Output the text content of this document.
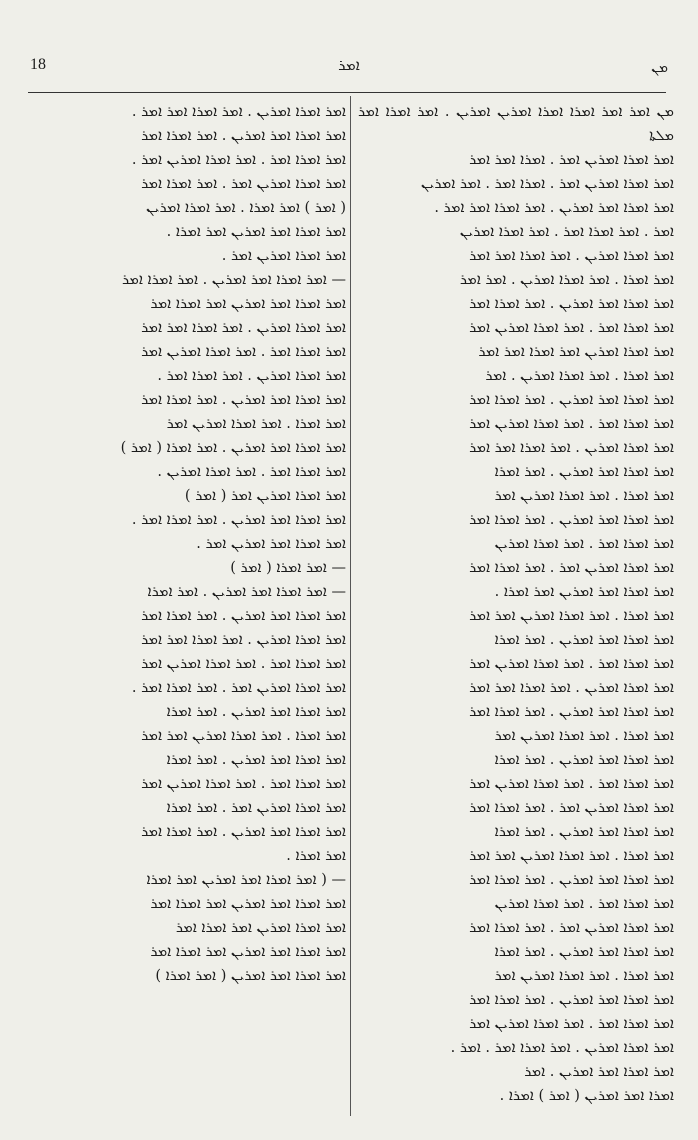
18	ܐܡܪ	ܡܢ

ܡܢ ܐܡܪ ܐܡܪ ܐܡܪܐ ܐܡܪܐ ܐܡܪܝܢ ܐܡܪܝܢ . ܐܡܪ ܐܡܪܐ ܐܡܪ ܡܠܬܐ

ܐܡܪ ܐܡܪܐ ܐܡܪܝܢ ܐܡܪ . ܐܡܪܐ ܐܡܪ ܐܡܪ

ܐܡܪ ܐܡܪܐ ܐܡܪܝܢ ܐܡܪ . ܐܡܪܐ ܐܡܪ . ܐܡܪ ܐܡܪܝܢ

ܐܡܪ ܐܡܪܐ ܐܡܪ ܐܡܪܝܢ . ܐܡܪ ܐܡܪܐ ܐܡܪ ܐܡܪ .

ܐܡܪ . ܐܡܪ ܐܡܪܐ ܐܡܪ . ܐܡܪ ܐܡܪܐ ܐܡܪܝܢ

ܐܡܪ ܐܡܪܐ ܐܡܪܝܢ . ܐܡܪ ܐܡܪܐ ܐܡܪ ܐܡܪ

ܐܡܪ ܐܡܪܐ . ܐܡܪ ܐܡܪܐ ܐܡܪܝܢ . ܐܡܪ ܐܡܪ

ܐܡܪ ܐܡܪܐ ܐܡܪ ܐܡܪܝܢ . ܐܡܪ ܐܡܪܐ ܐܡܪ

ܐܡܪ ܐܡܪܐ ܐܡܪ . ܐܡܪ ܐܡܪܐ ܐܡܪܝܢ ܐܡܪ

ܐܡܪ ܐܡܪܐ ܐܡܪܝܢ ܐܡܪ ܐܡܪܐ ܐܡܪ ܐܡܪ

ܐܡܪ ܐܡܪܐ . ܐܡܪ ܐܡܪܐ ܐܡܪܝܢ . ܐܡܪ

ܐܡܪ ܐܡܪܐ ܐܡܪ ܐܡܪܝܢ . ܐܡܪ ܐܡܪܐ ܐܡܪ

ܐܡܪ ܐܡܪܐ ܐܡܪ . ܐܡܪ ܐܡܪܐ ܐܡܪܝܢ ܐܡܪ

ܐܡܪ ܐܡܪܐ ܐܡܪܝܢ . ܐܡܪ ܐܡܪܐ ܐܡܪ ܐܡܪ

ܐܡܪ ܐܡܪܐ ܐܡܪ ܐܡܪܝܢ . ܐܡܪ ܐܡܪܐ

ܐܡܪ ܐܡܪܐ . ܐܡܪ ܐܡܪܐ ܐܡܪܝܢ ܐܡܪ

ܐܡܪ ܐܡܪܐ ܐܡܪ ܐܡܪܝܢ . ܐܡܪ ܐܡܪܐ ܐܡܪ

ܐܡܪ ܐܡܪܐ ܐܡܪ . ܐܡܪ ܐܡܪܐ ܐܡܪܝܢ

ܐܡܪ ܐܡܪܐ ܐܡܪܝܢ ܐܡܪ . ܐܡܪ ܐܡܪܐ ܐܡܪ

ܐܡܪ ܐܡܪܐ ܐܡܪ ܐܡܪܝܢ ܐܡܪ ܐܡܪܐ .

ܐܡܪ ܐܡܪܐ . ܐܡܪ ܐܡܪܐ ܐܡܪܝܢ ܐܡܪ ܐܡܪ

ܐܡܪ ܐܡܪܐ ܐܡܪ ܐܡܪܝܢ . ܐܡܪ ܐܡܪܐ

ܐܡܪ ܐܡܪܐ ܐܡܪ . ܐܡܪ ܐܡܪܐ ܐܡܪܝܢ ܐܡܪ

ܐܡܪ ܐܡܪܐ ܐܡܪܝܢ . ܐܡܪ ܐܡܪܐ ܐܡܪ ܐܡܪ

ܐܡܪ ܐܡܪܐ ܐܡܪ ܐܡܪܝܢ . ܐܡܪ ܐܡܪܐ ܐܡܪ

ܐܡܪ ܐܡܪܐ . ܐܡܪ ܐܡܪܐ ܐܡܪܝܢ ܐܡܪ

ܐܡܪ ܐܡܪܐ ܐܡܪ ܐܡܪܝܢ . ܐܡܪ ܐܡܪܐ

ܐܡܪ ܐܡܪܐ ܐܡܪ . ܐܡܪ ܐܡܪܐ ܐܡܪܝܢ ܐܡܪ

ܐܡܪ ܐܡܪܐ ܐܡܪܝܢ ܐܡܪ . ܐܡܪ ܐܡܪܐ ܐܡܪ

ܐܡܪ ܐܡܪܐ ܐܡܪ ܐܡܪܝܢ . ܐܡܪ ܐܡܪܐ

ܐܡܪ ܐܡܪܐ . ܐܡܪ ܐܡܪܐ ܐܡܪܝܢ ܐܡܪ ܐܡܪ

ܐܡܪ ܐܡܪܐ ܐܡܪ ܐܡܪܝܢ . ܐܡܪ ܐܡܪܐ ܐܡܪ

ܐܡܪ ܐܡܪܐ ܐܡܪ . ܐܡܪ ܐܡܪܐ ܐܡܪܝܢ

ܐܡܪ ܐܡܪܐ ܐܡܪܝܢ ܐܡܪ . ܐܡܪ ܐܡܪܐ ܐܡܪ

ܐܡܪ ܐܡܪܐ ܐܡܪ ܐܡܪܝܢ . ܐܡܪ ܐܡܪܐ

ܐܡܪ ܐܡܪܐ . ܐܡܪ ܐܡܪܐ ܐܡܪܝܢ ܐܡܪ

ܐܡܪ ܐܡܪܐ ܐܡܪ ܐܡܪܝܢ . ܐܡܪ ܐܡܪܐ ܐܡܪ

ܐܡܪ ܐܡܪܐ ܐܡܪ . ܐܡܪ ܐܡܪܐ ܐܡܪܝܢ ܐܡܪ

ܐܡܪ ܐܡܪܐ ܐܡܪܝܢ . ܐܡܪ ܐܡܪܐ ܐܡܪ . ܐܡܪ .

ܐܡܪ ܐܡܪܐ ܐܡܪ ܐܡܪܝܢ . ܐܡܪ

ܐܡܪܐ ܐܡܪ ܐܡܪܝܢ ( ܐܡܪ ) ܐܡܪܐ .

ܐܡܪ ܐܡܪܐ ܐܡܪܝܢ . ܐܡܪ ܐܡܪܐ ܐܡܪ ܐܡܪ .

ܐܡܪ ܐܡܪܐ ܐܡܪ ܐܡܪܝܢ . ܐܡܪ ܐܡܪܐ ܐܡܪ

ܐܡܪ ܐܡܪܐ ܐܡܪ . ܐܡܪ ܐܡܪܐ ܐܡܪܝܢ ܐܡܪ .

ܐܡܪ ܐܡܪܐ ܐܡܪܝܢ ܐܡܪ . ܐܡܪ ܐܡܪܐ ܐܡܪ

( ܐܡܪ ) ܐܡܪ ܐܡܪܐ . ܐܡܪ ܐܡܪܐ ܐܡܪܝܢ

ܐܡܪ ܐܡܪܐ ܐܡܪ ܐܡܪܝܢ ܐܡܪ ܐܡܪܐ .

ܐܡܪ ܐܡܪܐ ܐܡܪܝܢ ܐܡܪ .

— ܐܡܪ ܐܡܪܐ ܐܡܪ ܐܡܪܝܢ . ܐܡܪ ܐܡܪܐ ܐܡܪ

ܐܡܪ ܐܡܪܐ ܐܡܪ ܐܡܪܝܢ ܐܡܪ ܐܡܪܐ ܐܡܪ

ܐܡܪ ܐܡܪܐ ܐܡܪܝܢ . ܐܡܪ ܐܡܪܐ ܐܡܪ ܐܡܪ

ܐܡܪ ܐܡܪܐ ܐܡܪ . ܐܡܪ ܐܡܪܐ ܐܡܪܝܢ ܐܡܪ

ܐܡܪ ܐܡܪܐ ܐܡܪܝܢ . ܐܡܪ ܐܡܪܐ ܐܡܪ .

ܐܡܪ ܐܡܪܐ ܐܡܪ ܐܡܪܝܢ . ܐܡܪ ܐܡܪܐ ܐܡܪ

ܐܡܪ ܐܡܪܐ . ܐܡܪ ܐܡܪܐ ܐܡܪܝܢ ܐܡܪ

ܐܡܪ ܐܡܪܐ ܐܡܪ ܐܡܪܝܢ . ܐܡܪ ܐܡܪܐ ( ܐܡܪ )

ܐܡܪ ܐܡܪܐ ܐܡܪ . ܐܡܪ ܐܡܪܐ ܐܡܪܝܢ .

ܐܡܪ ܐܡܪܐ ܐܡܪܝܢ ܐܡܪ ( ܐܡܪ )

ܐܡܪ ܐܡܪܐ ܐܡܪ ܐܡܪܝܢ . ܐܡܪ ܐܡܪܐ ܐܡܪ .

ܐܡܪ ܐܡܪܐ ܐܡܪ ܐܡܪܝܢ ܐܡܪ .

— ܐܡܪ ܐܡܪܐ ( ܐܡܪ )

— ܐܡܪ ܐܡܪܐ ܐܡܪ ܐܡܪܝܢ . ܐܡܪ ܐܡܪܐ

ܐܡܪ ܐܡܪܐ ܐܡܪ ܐܡܪܝܢ . ܐܡܪ ܐܡܪܐ ܐܡܪ

ܐܡܪ ܐܡܪܐ ܐܡܪܝܢ . ܐܡܪ ܐܡܪܐ ܐܡܪ ܐܡܪ

ܐܡܪ ܐܡܪܐ ܐܡܪ . ܐܡܪ ܐܡܪܐ ܐܡܪܝܢ ܐܡܪ

ܐܡܪ ܐܡܪܐ ܐܡܪܝܢ ܐܡܪ . ܐܡܪ ܐܡܪܐ ܐܡܪ .

ܐܡܪ ܐܡܪܐ ܐܡܪ ܐܡܪܝܢ . ܐܡܪ ܐܡܪܐ

ܐܡܪ ܐܡܪܐ . ܐܡܪ ܐܡܪܐ ܐܡܪܝܢ ܐܡܪ ܐܡܪ

ܐܡܪ ܐܡܪܐ ܐܡܪ ܐܡܪܝܢ . ܐܡܪ ܐܡܪܐ

ܐܡܪ ܐܡܪܐ ܐܡܪ . ܐܡܪ ܐܡܪܐ ܐܡܪܝܢ ܐܡܪ

ܐܡܪ ܐܡܪܐ ܐܡܪܝܢ ܐܡܪ . ܐܡܪ ܐܡܪܐ

ܐܡܪ ܐܡܪܐ ܐܡܪ ܐܡܪܝܢ . ܐܡܪ ܐܡܪܐ ܐܡܪ

ܐܡܪ ܐܡܪܐ .

— ( ܐܡܪ ܐܡܪܐ ܐܡܪ ܐܡܪܝܢ ܐܡܪ ܐܡܪܐ

ܐܡܪ ܐܡܪܐ ܐܡܪ ܐܡܪܝܢ ܐܡܪ ܐܡܪܐ ܐܡܪ

ܐܡܪ ܐܡܪܐ ܐܡܪܝܢ ܐܡܪ ܐܡܪܐ ܐܡܪ

ܐܡܪ ܐܡܪܐ ܐܡܪ ܐܡܪܝܢ ܐܡܪ ܐܡܪܐ ܐܡܪ

ܐܡܪ ܐܡܪܐ ܐܡܪ ܐܡܪܝܢ ( ܐܡܪ ܐܡܪܐ )
